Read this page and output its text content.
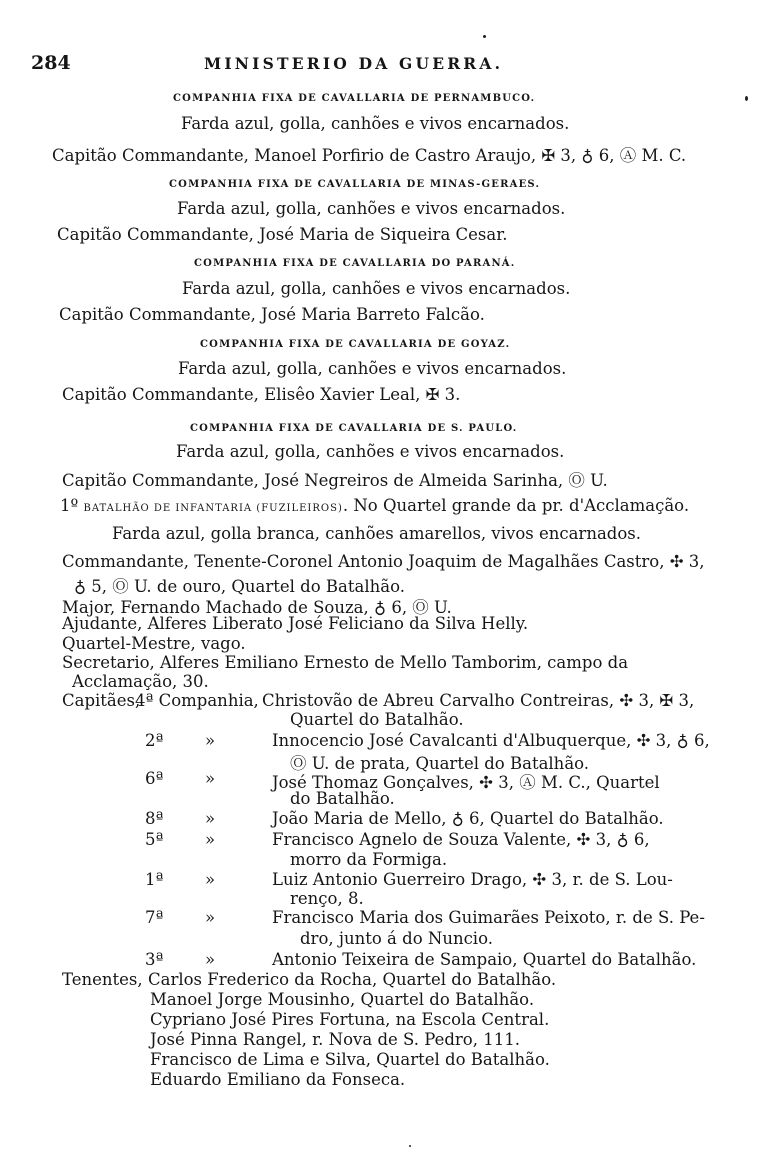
284	MINISTERIO DA GUERRA.
COMPANHIA FIXA DE CAVALLARIA DE PERNAMBUCO.
Farda azul, golla, canhões e vivos encarnados.
Capitão Commandante, Manoel Porfirio de Castro Araujo, ✠ 3, ♁ 6, Ⓐ M. C.
COMPANHIA FIXA DE CAVALLARIA DE MINAS-GERAES.
Farda azul, golla, canhões e vivos encarnados.
Capitão Commandante, José Maria de Siqueira Cesar.
COMPANHIA FIXA DE CAVALLARIA DO PARANÁ.
Farda azul, golla, canhões e vivos encarnados.
Capitão Commandante, José Maria Barreto Falcão.
COMPANHIA FIXA DE CAVALLARIA DE GOYAZ.
Farda azul, golla, canhões e vivos encarnados.
Capitão Commandante, Elisêo Xavier Leal, ✠ 3.
COMPANHIA FIXA DE CAVALLARIA DE S. PAULO.
Farda azul, golla, canhões e vivos encarnados.
Capitão Commandante, José Negreiros de Almeida Sarinha, Ⓞ U.
1º BATALHÃO DE INFANTARIA (FUZILEIROS). No Quartel grande da pr. d'Acclamação.
Farda azul, golla branca, canhões amarellos, vivos encarnados.
Commandante, Tenente-Coronel Antonio Joaquim de Magalhães Castro, ✣ 3,
♁ 5, Ⓞ U. de ouro, Quartel do Batalhão.
Major, Fernando Machado de Souza, ♁ 6, Ⓞ U.
Ajudante, Alferes Liberato José Feliciano da Silva Helly.
Quartel-Mestre, vago.
Secretario, Alferes Emiliano Ernesto de Mello Tamborim, campo da
Acclamação, 30.
Capitães,
4ª Companhia, Christovão de Abreu Carvalho Contreiras, ✣ 3, ✠ 3,
Quartel do Batalhão.
2ª	»	Innocencio José Cavalcanti d'Albuquerque, ✣ 3, ♁ 6,
Ⓞ U. de prata, Quartel do Batalhão.
6ª	»	José Thomaz Gonçalves, ✣ 3, Ⓐ M. C., Quartel
do Batalhão.
8ª	»	João Maria de Mello, ♁ 6, Quartel do Batalhão.
5ª	»	Francisco Agnelo de Souza Valente, ✣ 3, ♁ 6,
morro da Formiga.
1ª	»	Luiz Antonio Guerreiro Drago, ✣ 3, r. de S. Lou-
renço, 8.
7ª	»	Francisco Maria dos Guimarães Peixoto, r. de S. Pe-
dro, junto á do Nuncio.
3ª	»	Antonio Teixeira de Sampaio, Quartel do Batalhão.
Tenentes, Carlos Frederico da Rocha, Quartel do Batalhão.
Manoel Jorge Mousinho, Quartel do Batalhão.
Cypriano José Pires Fortuna, na Escola Central.
José Pinna Rangel, r. Nova de S. Pedro, 111.
Francisco de Lima e Silva, Quartel do Batalhão.
Eduardo Emiliano da Fonseca.
